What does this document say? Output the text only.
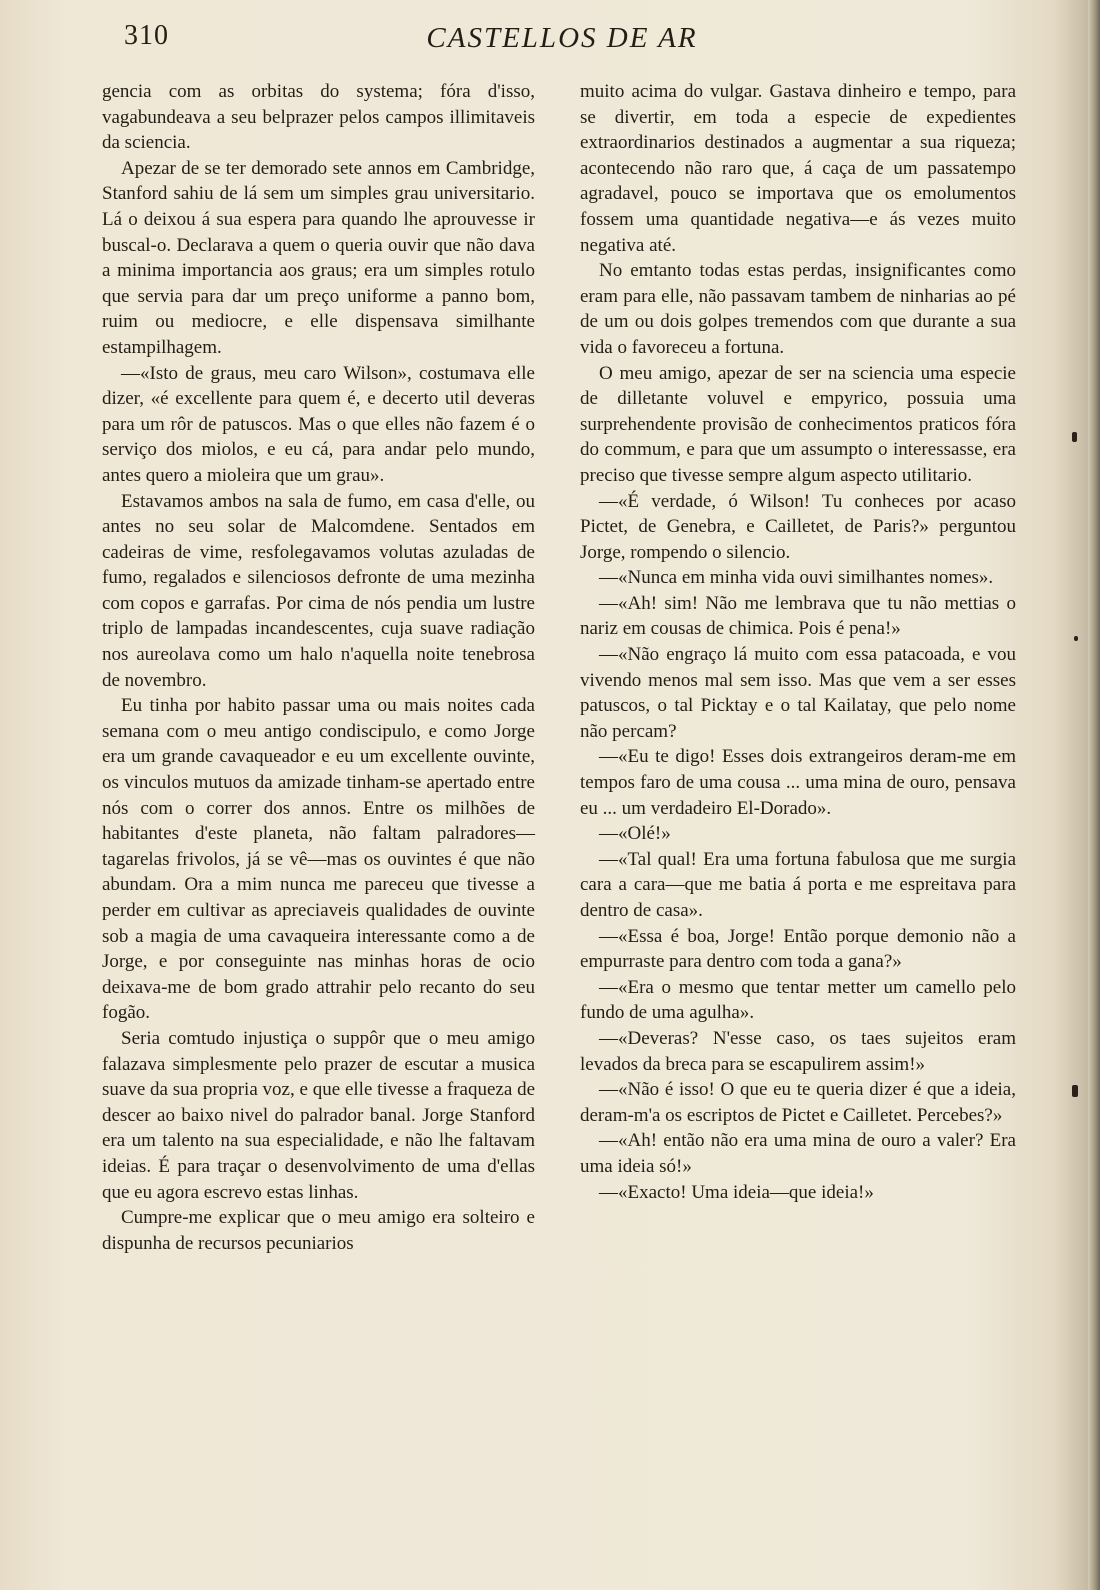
310	CASTELLOS DE AR

gencia com as orbitas do systema; fóra d'isso, vagabundeava a seu belprazer pelos campos illimitaveis da sciencia.

Apezar de se ter demorado sete annos em Cambridge, Stanford sahiu de lá sem um simples grau universitario. Lá o deixou á sua espera para quando lhe aprouvesse ir buscal-o. Declarava a quem o queria ouvir que não dava a minima importancia aos graus; era um simples rotulo que servia para dar um preço uniforme a panno bom, ruim ou mediocre, e elle dispensava similhante estampilhagem.

—«Isto de graus, meu caro Wilson», costumava elle dizer, «é excellente para quem é, e decerto util deveras para um rôr de patuscos. Mas o que elles não fazem é o serviço dos miolos, e eu cá, para andar pelo mundo, antes quero a mioleira que um grau».

Estavamos ambos na sala de fumo, em casa d'elle, ou antes no seu solar de Malcomdene. Sentados em cadeiras de vime, resfolegavamos volutas azuladas de fumo, regalados e silenciosos defronte de uma mezinha com copos e garrafas. Por cima de nós pendia um lustre triplo de lampadas incandescentes, cuja suave radiação nos aureolava como um halo n'aquella noite tenebrosa de novembro.

Eu tinha por habito passar uma ou mais noites cada semana com o meu antigo condiscipulo, e como Jorge era um grande cavaqueador e eu um excellente ouvinte, os vinculos mutuos da amizade tinham-se apertado entre nós com o correr dos annos. Entre os milhões de habitantes d'este planeta, não faltam palradores—tagarelas frivolos, já se vê—mas os ouvintes é que não abundam. Ora a mim nunca me pareceu que tivesse a perder em cultivar as apreciaveis qualidades de ouvinte sob a magia de uma cavaqueira interessante como a de Jorge, e por conseguinte nas minhas horas de ocio deixava-me de bom grado attrahir pelo recanto do seu fogão.

Seria comtudo injustiça o suppôr que o meu amigo falazava simplesmente pelo prazer de escutar a musica suave da sua propria voz, e que elle tivesse a fraqueza de descer ao baixo nivel do palrador banal. Jorge Stanford era um talento na sua especialidade, e não lhe faltavam ideias. É para traçar o desenvolvimento de uma d'ellas que eu agora escrevo estas linhas.

Cumpre-me explicar que o meu amigo era solteiro e dispunha de recursos pecuniarios

muito acima do vulgar. Gastava dinheiro e tempo, para se divertir, em toda a especie de expedientes extraordinarios destinados a augmentar a sua riqueza; acontecendo não raro que, á caça de um passatempo agradavel, pouco se importava que os emolumentos fossem uma quantidade negativa—e ás vezes muito negativa até.

No emtanto todas estas perdas, insignificantes como eram para elle, não passavam tambem de ninharias ao pé de um ou dois golpes tremendos com que durante a sua vida o favoreceu a fortuna.

O meu amigo, apezar de ser na sciencia uma especie de dilletante voluvel e empyrico, possuia uma surprehendente provisão de conhecimentos praticos fóra do commum, e para que um assumpto o interessasse, era preciso que tivesse sempre algum aspecto utilitario.

—«É verdade, ó Wilson! Tu conheces por acaso Pictet, de Genebra, e Cailletet, de Paris?» perguntou Jorge, rompendo o silencio.

—«Nunca em minha vida ouvi similhantes nomes».

—«Ah! sim! Não me lembrava que tu não mettias o nariz em cousas de chimica. Pois é pena!»

—«Não engraço lá muito com essa patacoada, e vou vivendo menos mal sem isso. Mas que vem a ser esses patuscos, o tal Picktay e o tal Kailatay, que pelo nome não percam?

—«Eu te digo! Esses dois extrangeiros deram-me em tempos faro de uma cousa ... uma mina de ouro, pensava eu ... um verdadeiro El-Dorado».

—«Olé!»

—«Tal qual! Era uma fortuna fabulosa que me surgia cara a cara—que me batia á porta e me espreitava para dentro de casa».

—«Essa é boa, Jorge! Então porque demonio não a empurraste para dentro com toda a gana?»

—«Era o mesmo que tentar metter um camello pelo fundo de uma agulha».

—«Deveras? N'esse caso, os taes sujeitos eram levados da breca para se escapulirem assim!»

—«Não é isso! O que eu te queria dizer é que a ideia, deram-m'a os escriptos de Pictet e Cailletet. Percebes?»

—«Ah! então não era uma mina de ouro a valer? Era uma ideia só!»

—«Exacto! Uma ideia—que ideia!»
